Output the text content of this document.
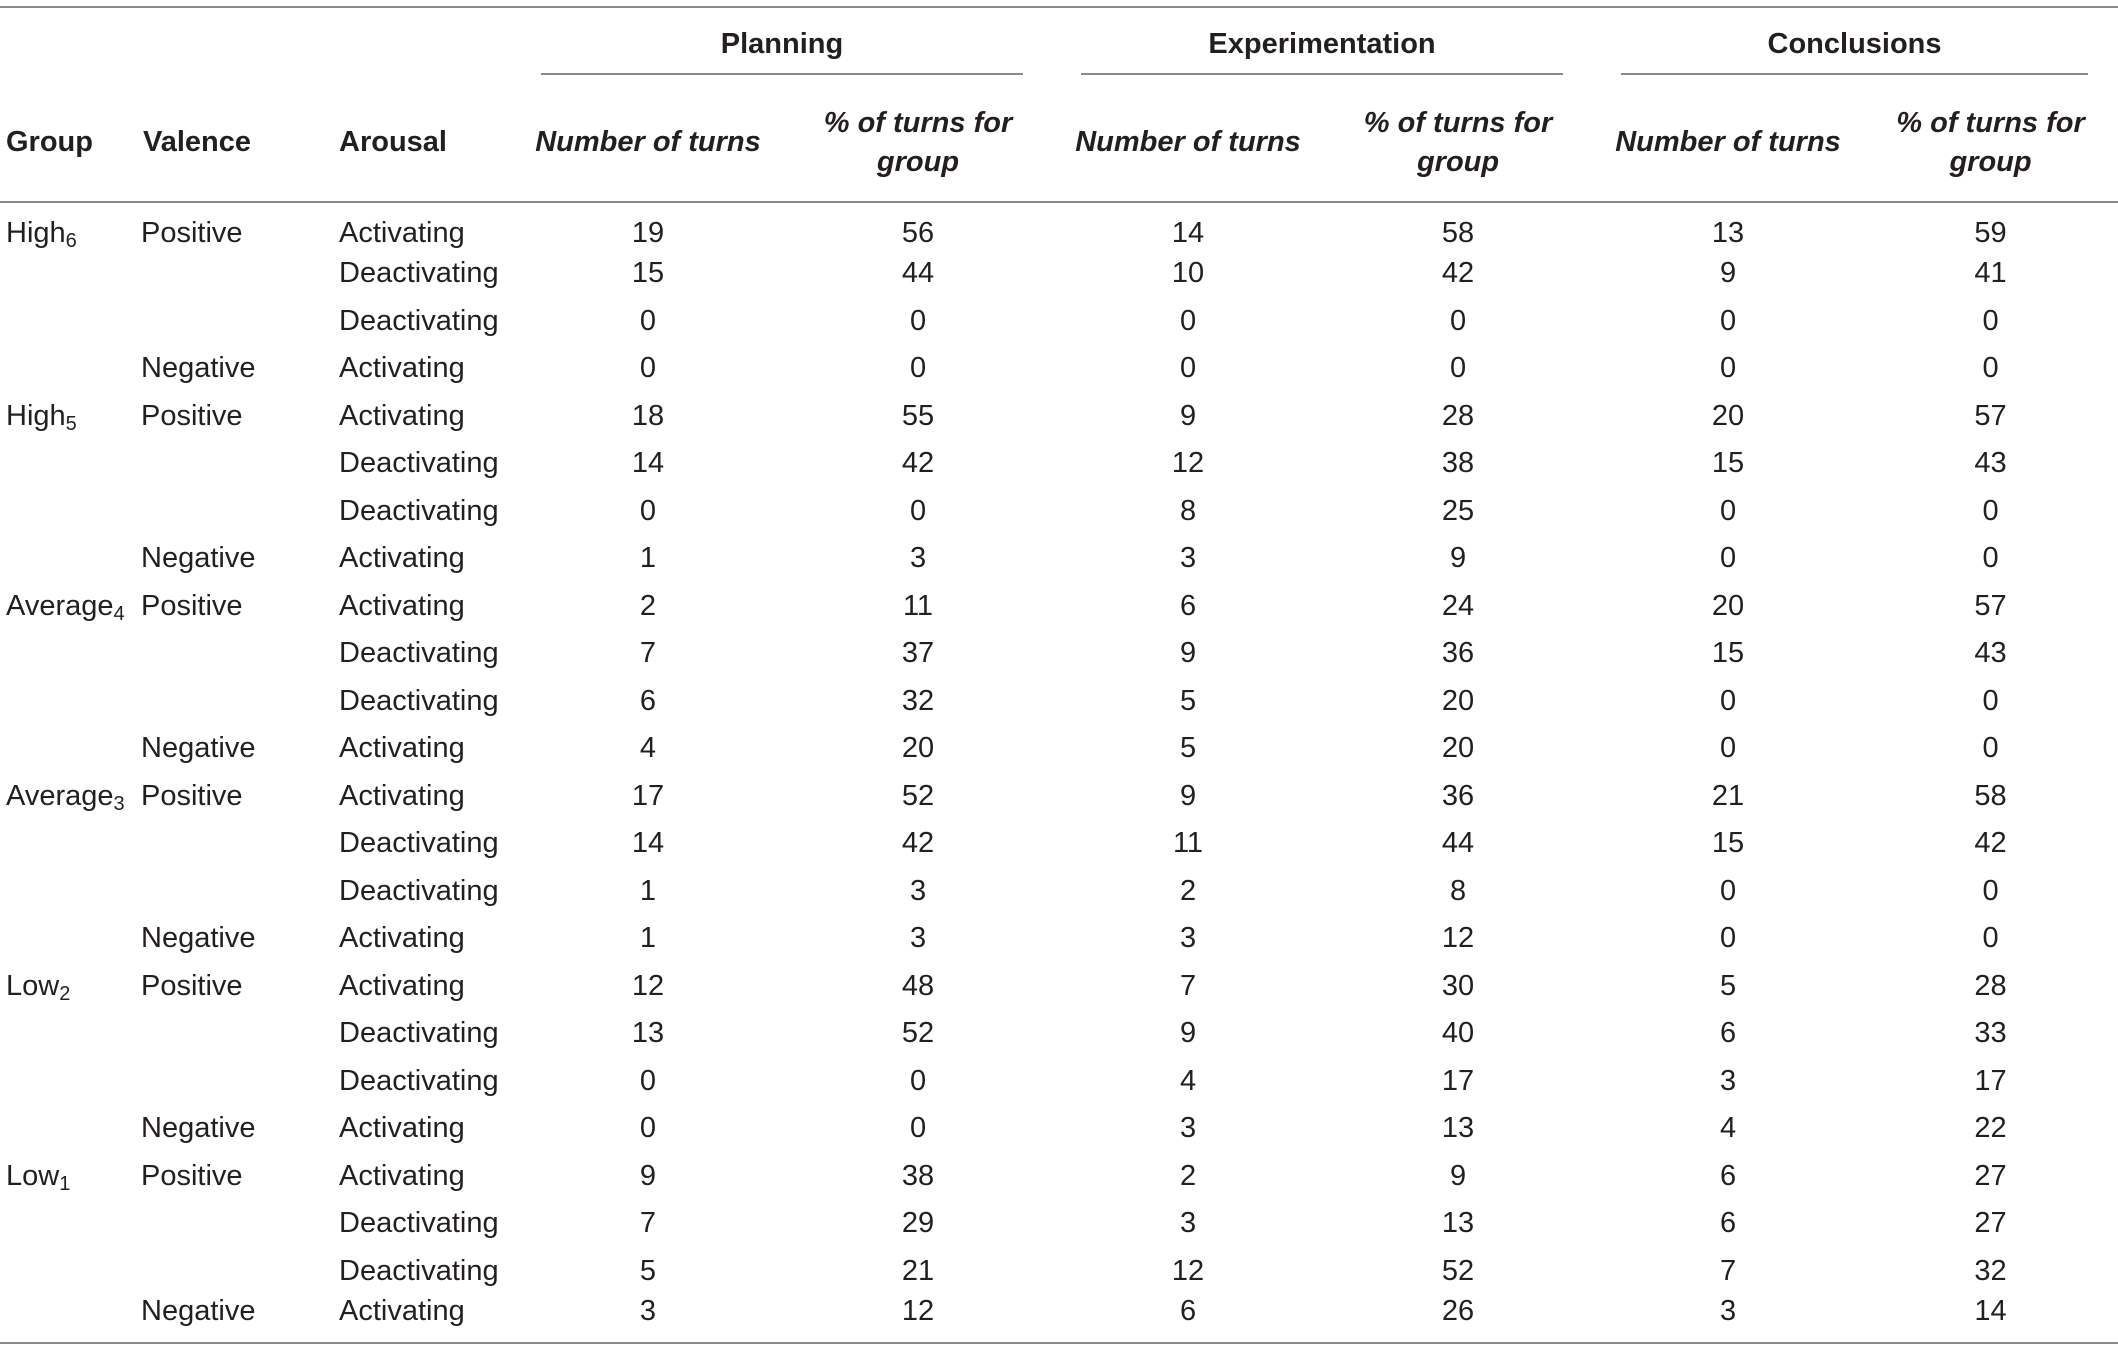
			Planning		Experimentation		Conclusions	

Group	Valence	Arousal	Number of turns	% of turns for group	Number of turns	% of turns for group	Number of turns	% of turns for group
High$_6$	Positive	Activating	19	56	14	58	13	59
		Deactivating	15	44	10	42	9	41
		Deactivating	0	0	0	0	0	0
	Negative	Activating	0	0	0	0	0	0
High$_5$	Positive	Activating	18	55	9	28	20	57
		Deactivating	14	42	12	38	15	43
		Deactivating	0	0	8	25	0	0
	Negative	Activating	1	3	3	9	0	0
Average$_4$	Positive	Activating	2	11	6	24	20	57
		Deactivating	7	37	9	36	15	43
		Deactivating	6	32	5	20	0	0
	Negative	Activating	4	20	5	20	0	0
Average$_3$	Positive	Activating	17	52	9	36	21	58
		Deactivating	14	42	11	44	15	42
		Deactivating	1	3	2	8	0	0
	Negative	Activating	1	3	3	12	0	0
Low$_2$	Positive	Activating	12	48	7	30	5	28
		Deactivating	13	52	9	40	6	33
		Deactivating	0	0	4	17	3	17
	Negative	Activating	0	0	3	13	4	22
Low$_1$	Positive	Activating	9	38	2	9	6	27
		Deactivating	7	29	3	13	6	27
		Deactivating	5	21	12	52	7	32
	Negative	Activating	3	12	6	26	3	14
